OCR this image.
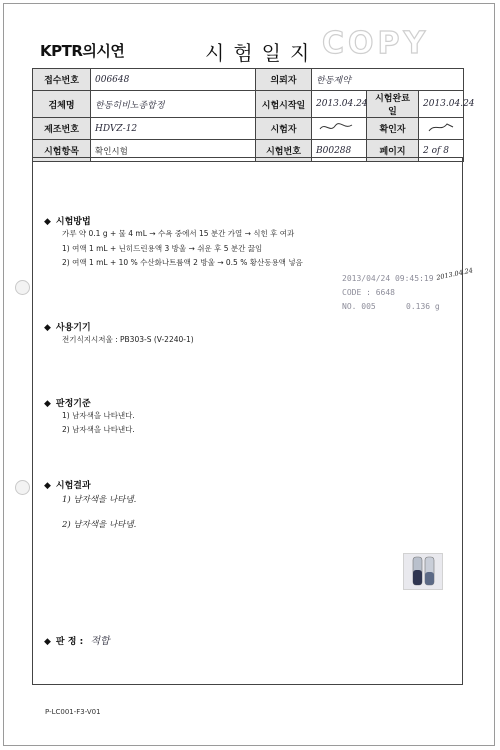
KPTR의시연	시험일지 COPY
접수번호	006648	의뢰자	한동제약		
검체명	한동히비노종합정	시험시작일	2013.04.24	시험완료일	2013.04.24
제조번호	HDVZ-12	시험자		확인자	
시험항목	확인시험	시험번호	B00288	페이지	2 of 8
◆ 시험방법
가루 약 0.1 g + 물 4 mL → 수욕 중에서 15 분간 가열 → 식힌 후 여과
1) 여액 1 mL + 닌히드린용액 3 방울 → 쉬운 후 5 분간 끓임
2) 여액 1 mL + 10 % 수산화나트륨액 2 방울 → 0.5 % 황산동용액 넣음
2013/04/24 09:45:19
CODE : 6648
NO. 005	0.136 g
2013.04.24
◆ 사용기기
전기식지시저울 : PB303-S (V-2240-1)
◆ 판정기준
1) 남자색을 나타낸다.
2) 남자색을 나타낸다.
◆ 시험결과
1) 남자색을 나타냄.
2) 남자색을 나타냄.
◆ 판 정 : 적합
P-LC001-F3-V01
